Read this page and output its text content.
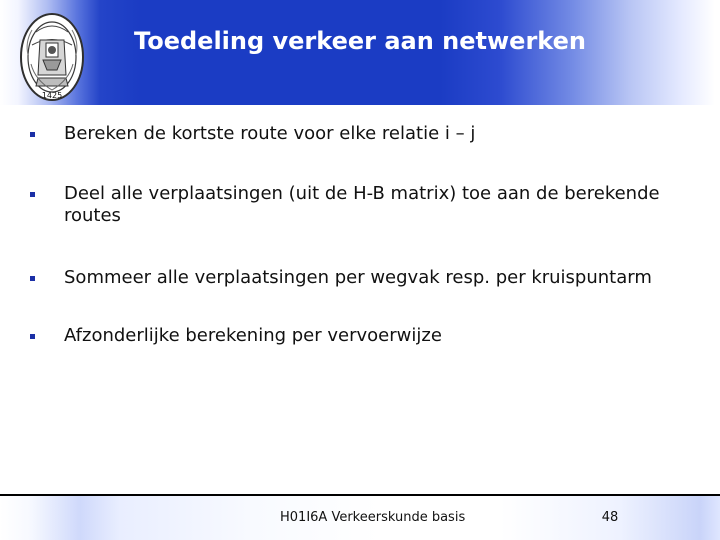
1425
Toedeling verkeer aan netwerken
Bereken de kortste route voor elke relatie i – j
Deel alle verplaatsingen (uit de H-B matrix) toe aan de berekende routes
Sommeer alle verplaatsingen per wegvak resp. per kruispuntarm
Afzonderlijke berekening per vervoerwijze
H01I6A Verkeerskunde basis	48
